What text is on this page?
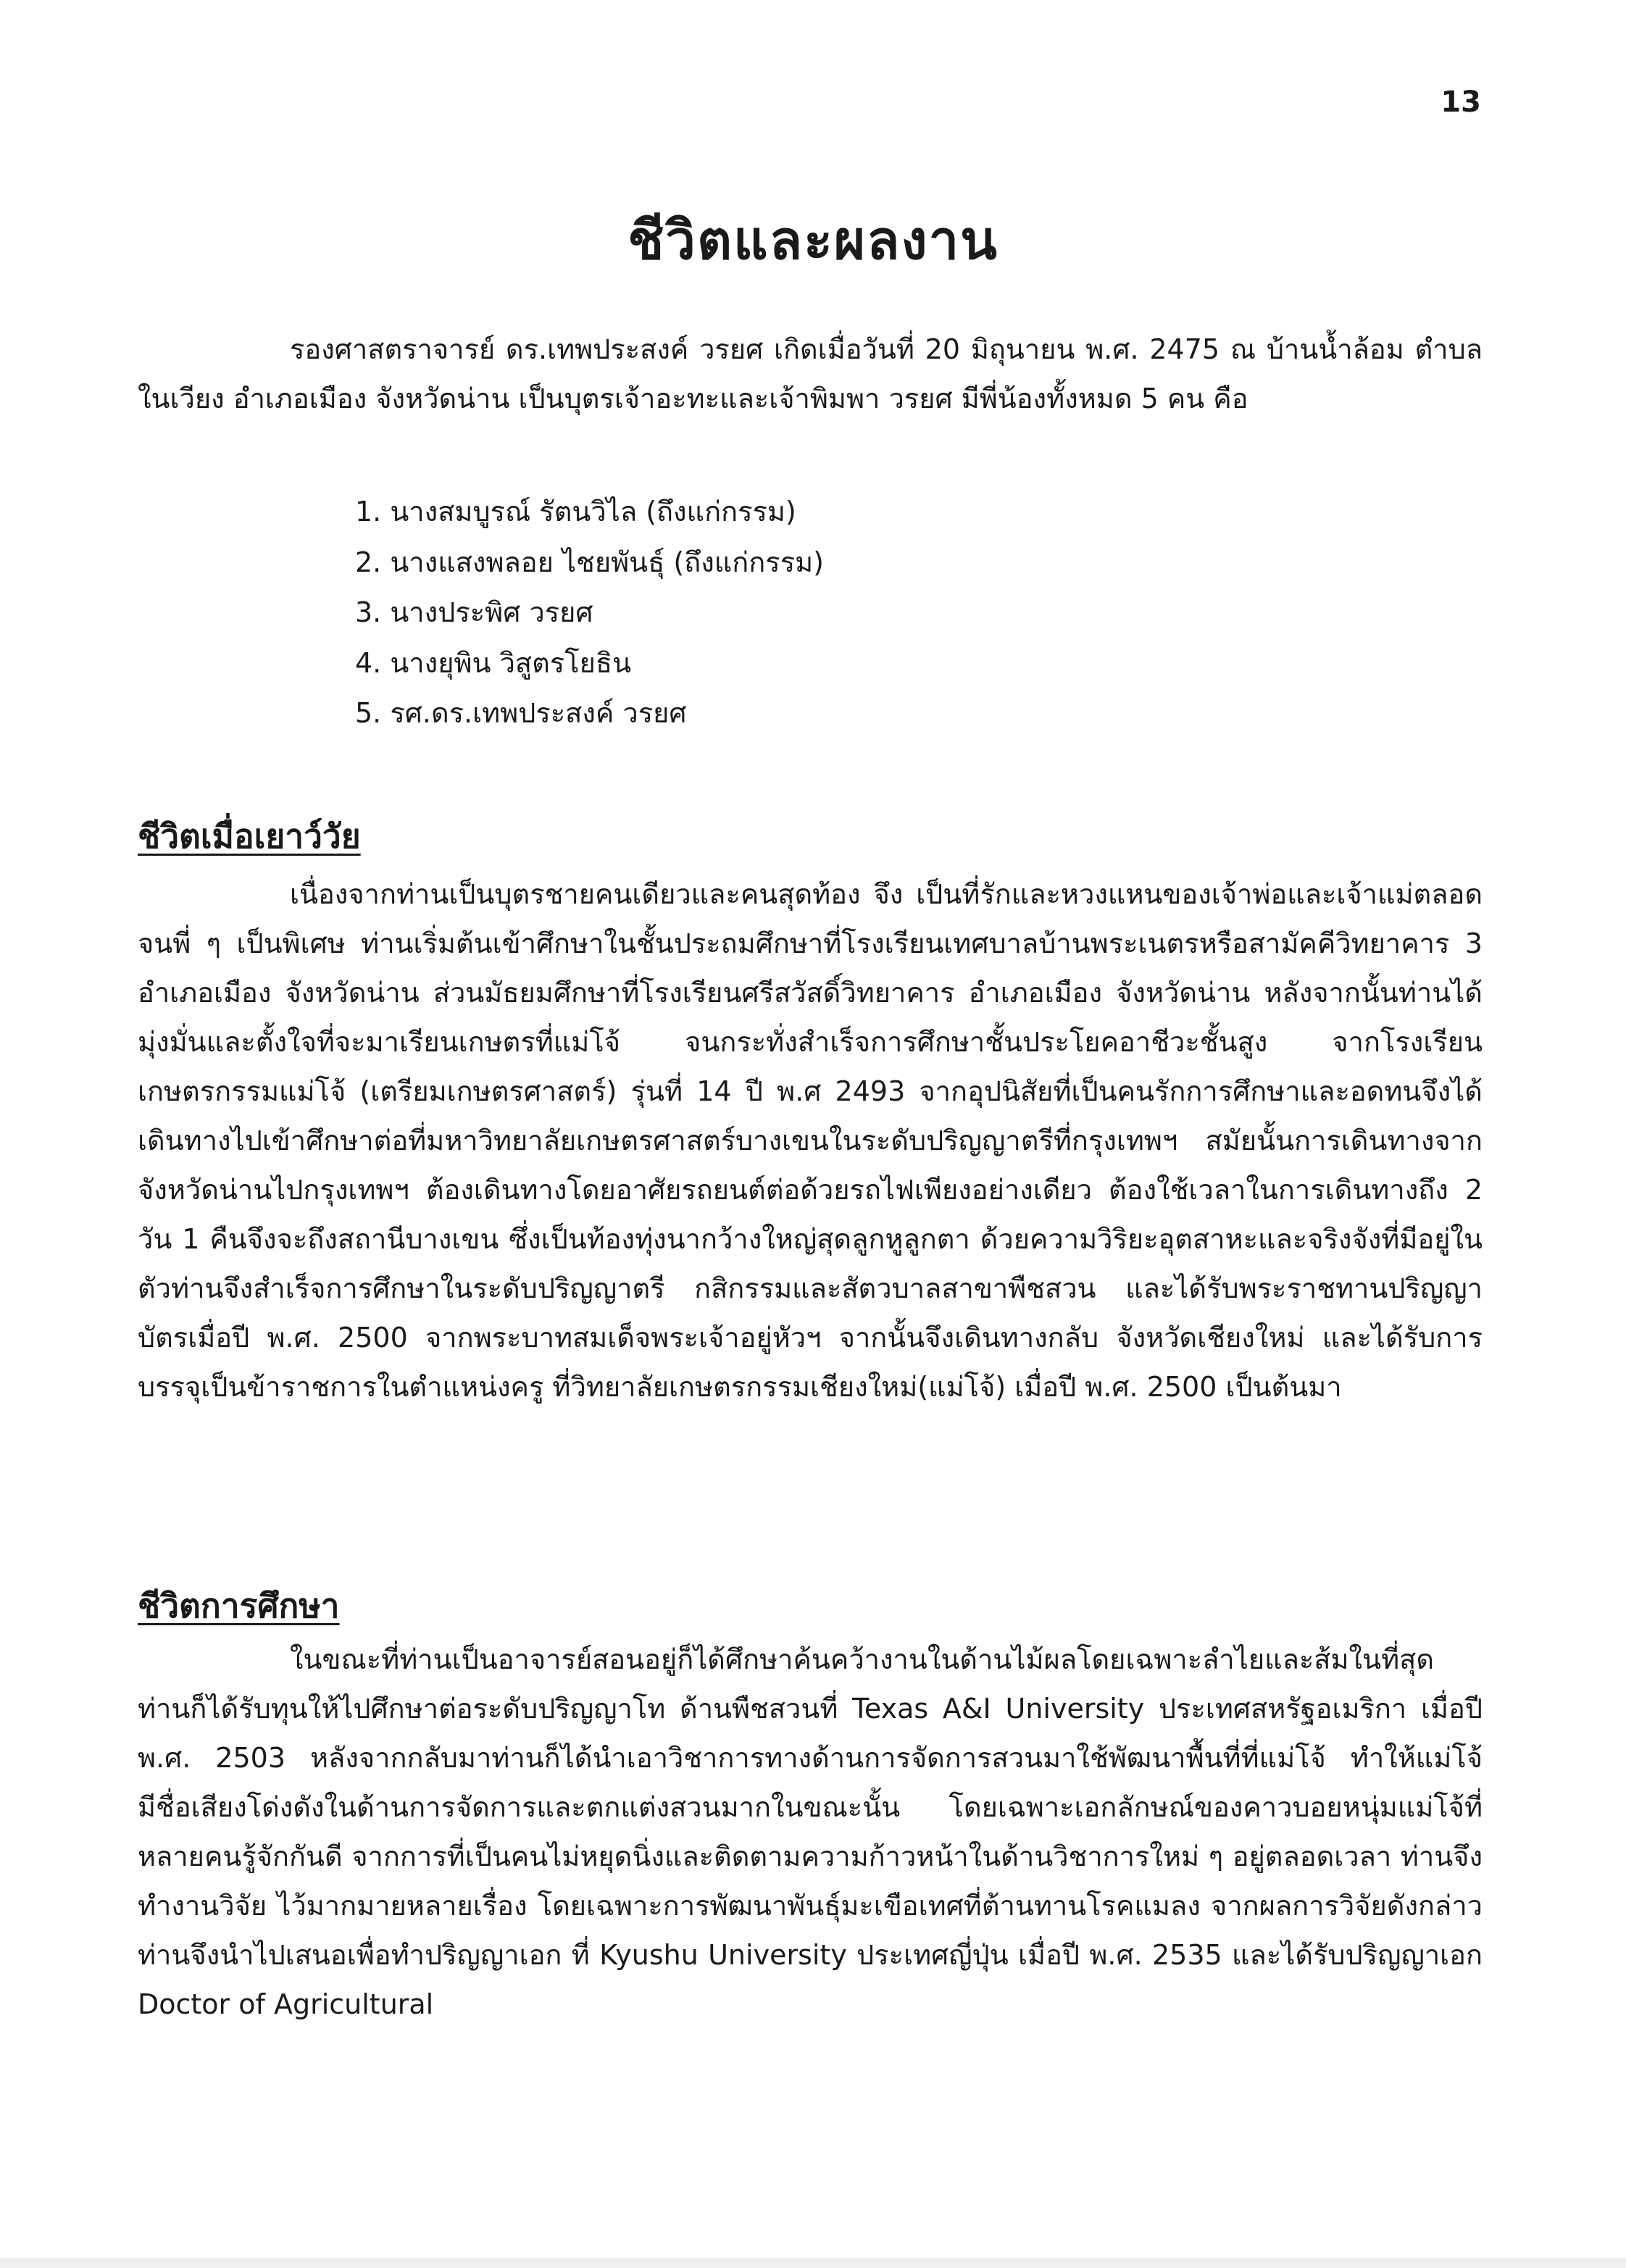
13
ชีวิตและผลงาน

รองศาสตราจารย์ ดร.เทพประสงค์ วรยศ เกิดเมื่อวันที่ 20 มิถุนายน พ.ศ. 2475 ณ บ้านน้ำล้อม ตำบลในเวียง อำเภอเมือง จังหวัดน่าน เป็นบุตรเจ้าอะทะและเจ้าพิมพา วรยศ มีพี่น้องทั้งหมด 5 คน คือ

1. นางสมบูรณ์ รัตนวิไล (ถึงแก่กรรม)
2. นางแสงพลอย ไชยพันธุ์ (ถึงแก่กรรม)
3. นางประพิศ วรยศ
4. นางยุพิน วิสูตรโยธิน
5. รศ.ดร.เทพประสงค์ วรยศ
ชีวิตเมื่อเยาว์วัย

เนื่องจากท่านเป็นบุตรชายคนเดียวและคนสุดท้อง จึง เป็นที่รักและหวงแหนของเจ้าพ่อและเจ้าแม่ตลอดจนพี่ ๆ เป็นพิเศษ ท่านเริ่มต้นเข้าศึกษาในชั้นประถมศึกษาที่โรงเรียนเทศบาลบ้านพระเนตรหรือสามัคคีวิทยาคาร 3 อำเภอเมือง จังหวัดน่าน ส่วนมัธยมศึกษาที่โรงเรียนศรีสวัสดิ์วิทยาคาร อำเภอเมือง จังหวัดน่าน หลังจากนั้นท่านได้มุ่งมั่นและตั้งใจที่จะมาเรียนเกษตรที่แม่โจ้ จนกระทั่งสำเร็จการศึกษาชั้นประโยคอาชีวะชั้นสูง จากโรงเรียนเกษตรกรรมแม่โจ้ (เตรียมเกษตรศาสตร์) รุ่นที่ 14 ปี พ.ศ 2493 จากอุปนิสัยที่เป็นคนรักการศึกษาและอดทนจึงได้เดินทางไปเข้าศึกษาต่อที่มหาวิทยาลัยเกษตรศาสตร์บางเขนในระดับปริญญาตรีที่กรุงเทพฯ สมัยนั้นการเดินทางจากจังหวัดน่านไปกรุงเทพฯ ต้องเดินทางโดยอาศัยรถยนต์ต่อด้วยรถไฟเพียงอย่างเดียว ต้องใช้เวลาในการเดินทางถึง 2 วัน 1 คืนจึงจะถึงสถานีบางเขน ซึ่งเป็นท้องทุ่งนากว้างใหญ่สุดลูกหูลูกตา ด้วยความวิริยะอุตสาหะและจริงจังที่มีอยู่ในตัวท่านจึงสำเร็จการศึกษาในระดับปริญญาตรี กสิกรรมและสัตวบาลสาขาพืชสวน และได้รับพระราชทานปริญญาบัตรเมื่อปี พ.ศ. 2500 จากพระบาทสมเด็จพระเจ้าอยู่หัวฯ จากนั้นจึงเดินทางกลับ จังหวัดเชียงใหม่ และได้รับการบรรจุเป็นข้าราชการในตำแหน่งครู ที่วิทยาลัยเกษตรกรรมเชียงใหม่(แม่โจ้) เมื่อปี พ.ศ. 2500 เป็นต้นมา

ชีวิตการศึกษา

ในขณะที่ท่านเป็นอาจารย์สอนอยู่ก็ได้ศึกษาค้นคว้างานในด้านไม้ผลโดยเฉพาะลำไยและส้มในที่สุดท่านก็ได้รับทุนให้ไปศึกษาต่อระดับปริญญาโท ด้านพืชสวนที่ Texas A&I University ประเทศสหรัฐอเมริกา เมื่อปี พ.ศ. 2503 หลังจากกลับมาท่านก็ได้นำเอาวิชาการทางด้านการจัดการสวนมาใช้พัฒนาพื้นที่ที่แม่โจ้ ทำให้แม่โจ้มีชื่อเสียงโด่งดังในด้านการจัดการและตกแต่งสวนมากในขณะนั้น โดยเฉพาะเอกลักษณ์ของคาวบอยหนุ่มแม่โจ้ที่หลายคนรู้จักกันดี จากการที่เป็นคนไม่หยุดนิ่งและติดตามความก้าวหน้าในด้านวิชาการใหม่ ๆ อยู่ตลอดเวลา ท่านจึงทำงานวิจัย ไว้มากมายหลายเรื่อง โดยเฉพาะการพัฒนาพันธุ์มะเขือเทศที่ต้านทานโรคแมลง จากผลการวิจัยดังกล่าวท่านจึงนำไปเสนอเพื่อทำปริญญาเอก ที่ Kyushu University ประเทศญี่ปุ่น เมื่อปี พ.ศ. 2535 และได้รับปริญญาเอก Doctor of Agricultural
